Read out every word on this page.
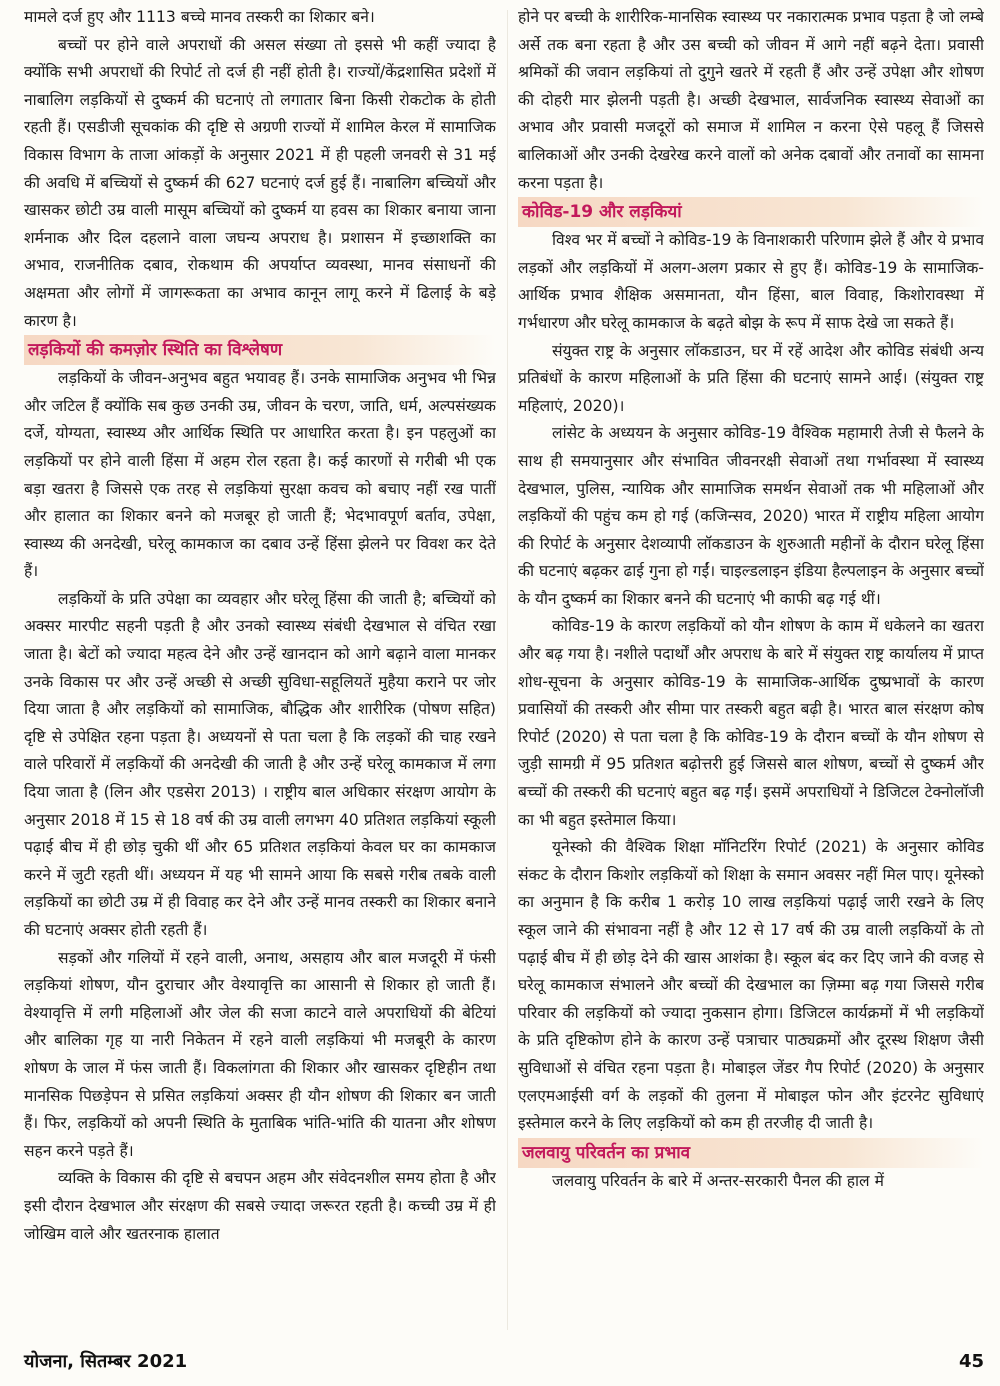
मामले दर्ज हुए और 1113 बच्चे मानव तस्करी का शिकार बने।

बच्चों पर होने वाले अपराधों की असल संख्या तो इससे भी कहीं ज्यादा है क्योंकि सभी अपराधों की रिपोर्ट तो दर्ज ही नहीं होती है। राज्यों/केंद्रशासित प्रदेशों में नाबालिग लड़कियों से दुष्कर्म की घटनाएं तो लगातार बिना किसी रोकटोक के होती रहती हैं। एसडीजी सूचकांक की दृष्टि से अग्रणी राज्यों में शामिल केरल में सामाजिक विकास विभाग के ताजा आंकड़ों के अनुसार 2021 में ही पहली जनवरी से 31 मई की अवधि में बच्चियों से दुष्कर्म की 627 घटनाएं दर्ज हुई हैं। नाबालिग बच्चियों और खासकर छोटी उम्र वाली मासूम बच्चियों को दुष्कर्म या हवस का शिकार बनाया जाना शर्मनाक और दिल दहलाने वाला जघन्य अपराध है। प्रशासन में इच्छाशक्ति का अभाव, राजनीतिक दबाव, रोकथाम की अपर्याप्त व्यवस्था, मानव संसाधनों की अक्षमता और लोगों में जागरूकता का अभाव कानून लागू करने में ढिलाई के बड़े कारण है।

लड़कियों की कमज़ोर स्थिति का विश्लेषण

लड़कियों के जीवन-अनुभव बहुत भयावह हैं। उनके सामाजिक अनुभव भी भिन्न और जटिल हैं क्योंकि सब कुछ उनकी उम्र, जीवन के चरण, जाति, धर्म, अल्पसंख्यक दर्जे, योग्यता, स्वास्थ्य और आर्थिक स्थिति पर आधारित करता है। इन पहलुओं का लड़कियों पर होने वाली हिंसा में अहम रोल रहता है। कई कारणों से गरीबी भी एक बड़ा खतरा है जिससे एक तरह से लड़कियां सुरक्षा कवच को बचाए नहीं रख पातीं और हालात का शिकार बनने को मजबूर हो जाती हैं; भेदभावपूर्ण बर्ताव, उपेक्षा, स्वास्थ्य की अनदेखी, घरेलू कामकाज का दबाव उन्हें हिंसा झेलने पर विवश कर देते हैं।

लड़कियों के प्रति उपेक्षा का व्यवहार और घरेलू हिंसा की जाती है; बच्चियों को अक्सर मारपीट सहनी पड़ती है और उनको स्वास्थ्य संबंधी देखभाल से वंचित रखा जाता है। बेटों को ज्यादा महत्व देने और उन्हें खानदान को आगे बढ़ाने वाला मानकर उनके विकास पर और उन्हें अच्छी से अच्छी सुविधा-सहूलियतें मुहैया कराने पर जोर दिया जाता है और लड़कियों को सामाजिक, बौद्धिक और शारीरिक (पोषण सहित) दृष्टि से उपेक्षित रहना पड़ता है। अध्ययनों से पता चला है कि लड़कों की चाह रखने वाले परिवारों में लड़कियों की अनदेखी की जाती है और उन्हें घरेलू कामकाज में लगा दिया जाता है (लिन और एडसेरा 2013) । राष्ट्रीय बाल अधिकार संरक्षण आयोग के अनुसार 2018 में 15 से 18 वर्ष की उम्र वाली लगभग 40 प्रतिशत लड़कियां स्कूली पढ़ाई बीच में ही छोड़ चुकी थीं और 65 प्रतिशत लड़कियां केवल घर का कामकाज करने में जुटी रहती थीं। अध्ययन में यह भी सामने आया कि सबसे गरीब तबके वाली लड़कियों का छोटी उम्र में ही विवाह कर देने और उन्हें मानव तस्करी का शिकार बनाने की घटनाएं अक्सर होती रहती हैं।

सड़कों और गलियों में रहने वाली, अनाथ, असहाय और बाल मजदूरी में फंसी लड़कियां शोषण, यौन दुराचार और वेश्यावृत्ति का आसानी से शिकार हो जाती हैं। वेश्यावृत्ति में लगी महिलाओं और जेल की सजा काटने वाले अपराधियों की बेटियां और बालिका गृह या नारी निकेतन में रहने वाली लड़कियां भी मजबूरी के कारण शोषण के जाल में फंस जाती हैं। विकलांगता की शिकार और खासकर दृष्टिहीन तथा मानसिक पिछड़ेपन से प्रसित लड़कियां अक्सर ही यौन शोषण की शिकार बन जाती हैं। फिर, लड़कियों को अपनी स्थिति के मुताबिक भांति-भांति की यातना और शोषण सहन करने पड़ते हैं।

व्यक्ति के विकास की दृष्टि से बचपन अहम और संवेदनशील समय होता है और इसी दौरान देखभाल और संरक्षण की सबसे ज्यादा जरूरत रहती है। कच्ची उम्र में ही जोखिम वाले और खतरनाक हालात

होने पर बच्ची के शारीरिक-मानसिक स्वास्थ्य पर नकारात्मक प्रभाव पड़ता है जो लम्बे अर्से तक बना रहता है और उस बच्ची को जीवन में आगे नहीं बढ़ने देता। प्रवासी श्रमिकों की जवान लड़कियां तो दुगुने खतरे में रहती हैं और उन्हें उपेक्षा और शोषण की दोहरी मार झेलनी पड़ती है। अच्छी देखभाल, सार्वजनिक स्वास्थ्य सेवाओं का अभाव और प्रवासी मजदूरों को समाज में शामिल न करना ऐसे पहलू हैं जिससे बालिकाओं और उनकी देखरेख करने वालों को अनेक दबावों और तनावों का सामना करना पड़ता है।

कोविड-19 और लड़कियां

विश्व भर में बच्चों ने कोविड-19 के विनाशकारी परिणाम झेले हैं और ये प्रभाव लड़कों और लड़कियों में अलग-अलग प्रकार से हुए हैं। कोविड-19 के सामाजिक-आर्थिक प्रभाव शैक्षिक असमानता, यौन हिंसा, बाल विवाह, किशोरावस्था में गर्भधारण और घरेलू कामकाज के बढ़ते बोझ के रूप में साफ देखे जा सकते हैं।

संयुक्त राष्ट्र के अनुसार लॉकडाउन, घर में रहें आदेश और कोविड संबंधी अन्य प्रतिबंधों के कारण महिलाओं के प्रति हिंसा की घटनाएं सामने आई। (संयुक्त राष्ट्र महिलाएं, 2020)।

लांसेट के अध्ययन के अनुसार कोविड-19 वैश्विक महामारी तेजी से फैलने के साथ ही समयानुसार और संभावित जीवनरक्षी सेवाओं तथा गर्भावस्था में स्वास्थ्य देखभाल, पुलिस, न्यायिक और सामाजिक समर्थन सेवाओं तक भी महिलाओं और लड़कियों की पहुंच कम हो गई (कजिन्सव, 2020) भारत में राष्ट्रीय महिला आयोग की रिपोर्ट के अनुसार देशव्यापी लॉकडाउन के शुरुआती महीनों के दौरान घरेलू हिंसा की घटनाएं बढ़कर ढाई गुना हो गईं। चाइल्डलाइन इंडिया हैल्पलाइन के अनुसार बच्चों के यौन दुष्कर्म का शिकार बनने की घटनाएं भी काफी बढ़ गई थीं।

कोविड-19 के कारण लड़कियों को यौन शोषण के काम में धकेलने का खतरा और बढ़ गया है। नशीले पदार्थों और अपराध के बारे में संयुक्त राष्ट्र कार्यालय में प्राप्त शोध-सूचना के अनुसार कोविड-19 के सामाजिक-आर्थिक दुष्प्रभावों के कारण प्रवासियों की तस्करी और सीमा पार तस्करी बहुत बढ़ी है। भारत बाल संरक्षण कोष रिपोर्ट (2020) से पता चला है कि कोविड-19 के दौरान बच्चों के यौन शोषण से जुड़ी सामग्री में 95 प्रतिशत बढ़ोत्तरी हुई जिससे बाल शोषण, बच्चों से दुष्कर्म और बच्चों की तस्करी की घटनाएं बहुत बढ़ गईं। इसमें अपराधियों ने डिजिटल टेक्नोलॉजी का भी बहुत इस्तेमाल किया।

यूनेस्को की वैश्विक शिक्षा मॉनिटरिंग रिपोर्ट (2021) के अनुसार कोविड संकट के दौरान किशोर लड़कियों को शिक्षा के समान अवसर नहीं मिल पाए। यूनेस्को का अनुमान है कि करीब 1 करोड़ 10 लाख लड़कियां पढ़ाई जारी रखने के लिए स्कूल जाने की संभावना नहीं है और 12 से 17 वर्ष की उम्र वाली लड़कियों के तो पढ़ाई बीच में ही छोड़ देने की खास आशंका है। स्कूल बंद कर दिए जाने की वजह से घरेलू कामकाज संभालने और बच्चों की देखभाल का ज़िम्मा बढ़ गया जिससे गरीब परिवार की लड़कियों को ज्यादा नुकसान होगा। डिजिटल कार्यक्रमों में भी लड़कियों के प्रति दृष्टिकोण होने के कारण उन्हें पत्राचार पाठ्यक्रमों और दूरस्थ शिक्षण जैसी सुविधाओं से वंचित रहना पड़ता है। मोबाइल जेंडर गैप रिपोर्ट (2020) के अनुसार एलएमआईसी वर्ग के लड़कों की तुलना में मोबाइल फोन और इंटरनेट सुविधाएं इस्तेमाल करने के लिए लड़कियों को कम ही तरजीह दी जाती है।

जलवायु परिवर्तन का प्रभाव

जलवायु परिवर्तन के बारे में अन्तर-सरकारी पैनल की हाल में

योजना, सितम्बर 2021	45
